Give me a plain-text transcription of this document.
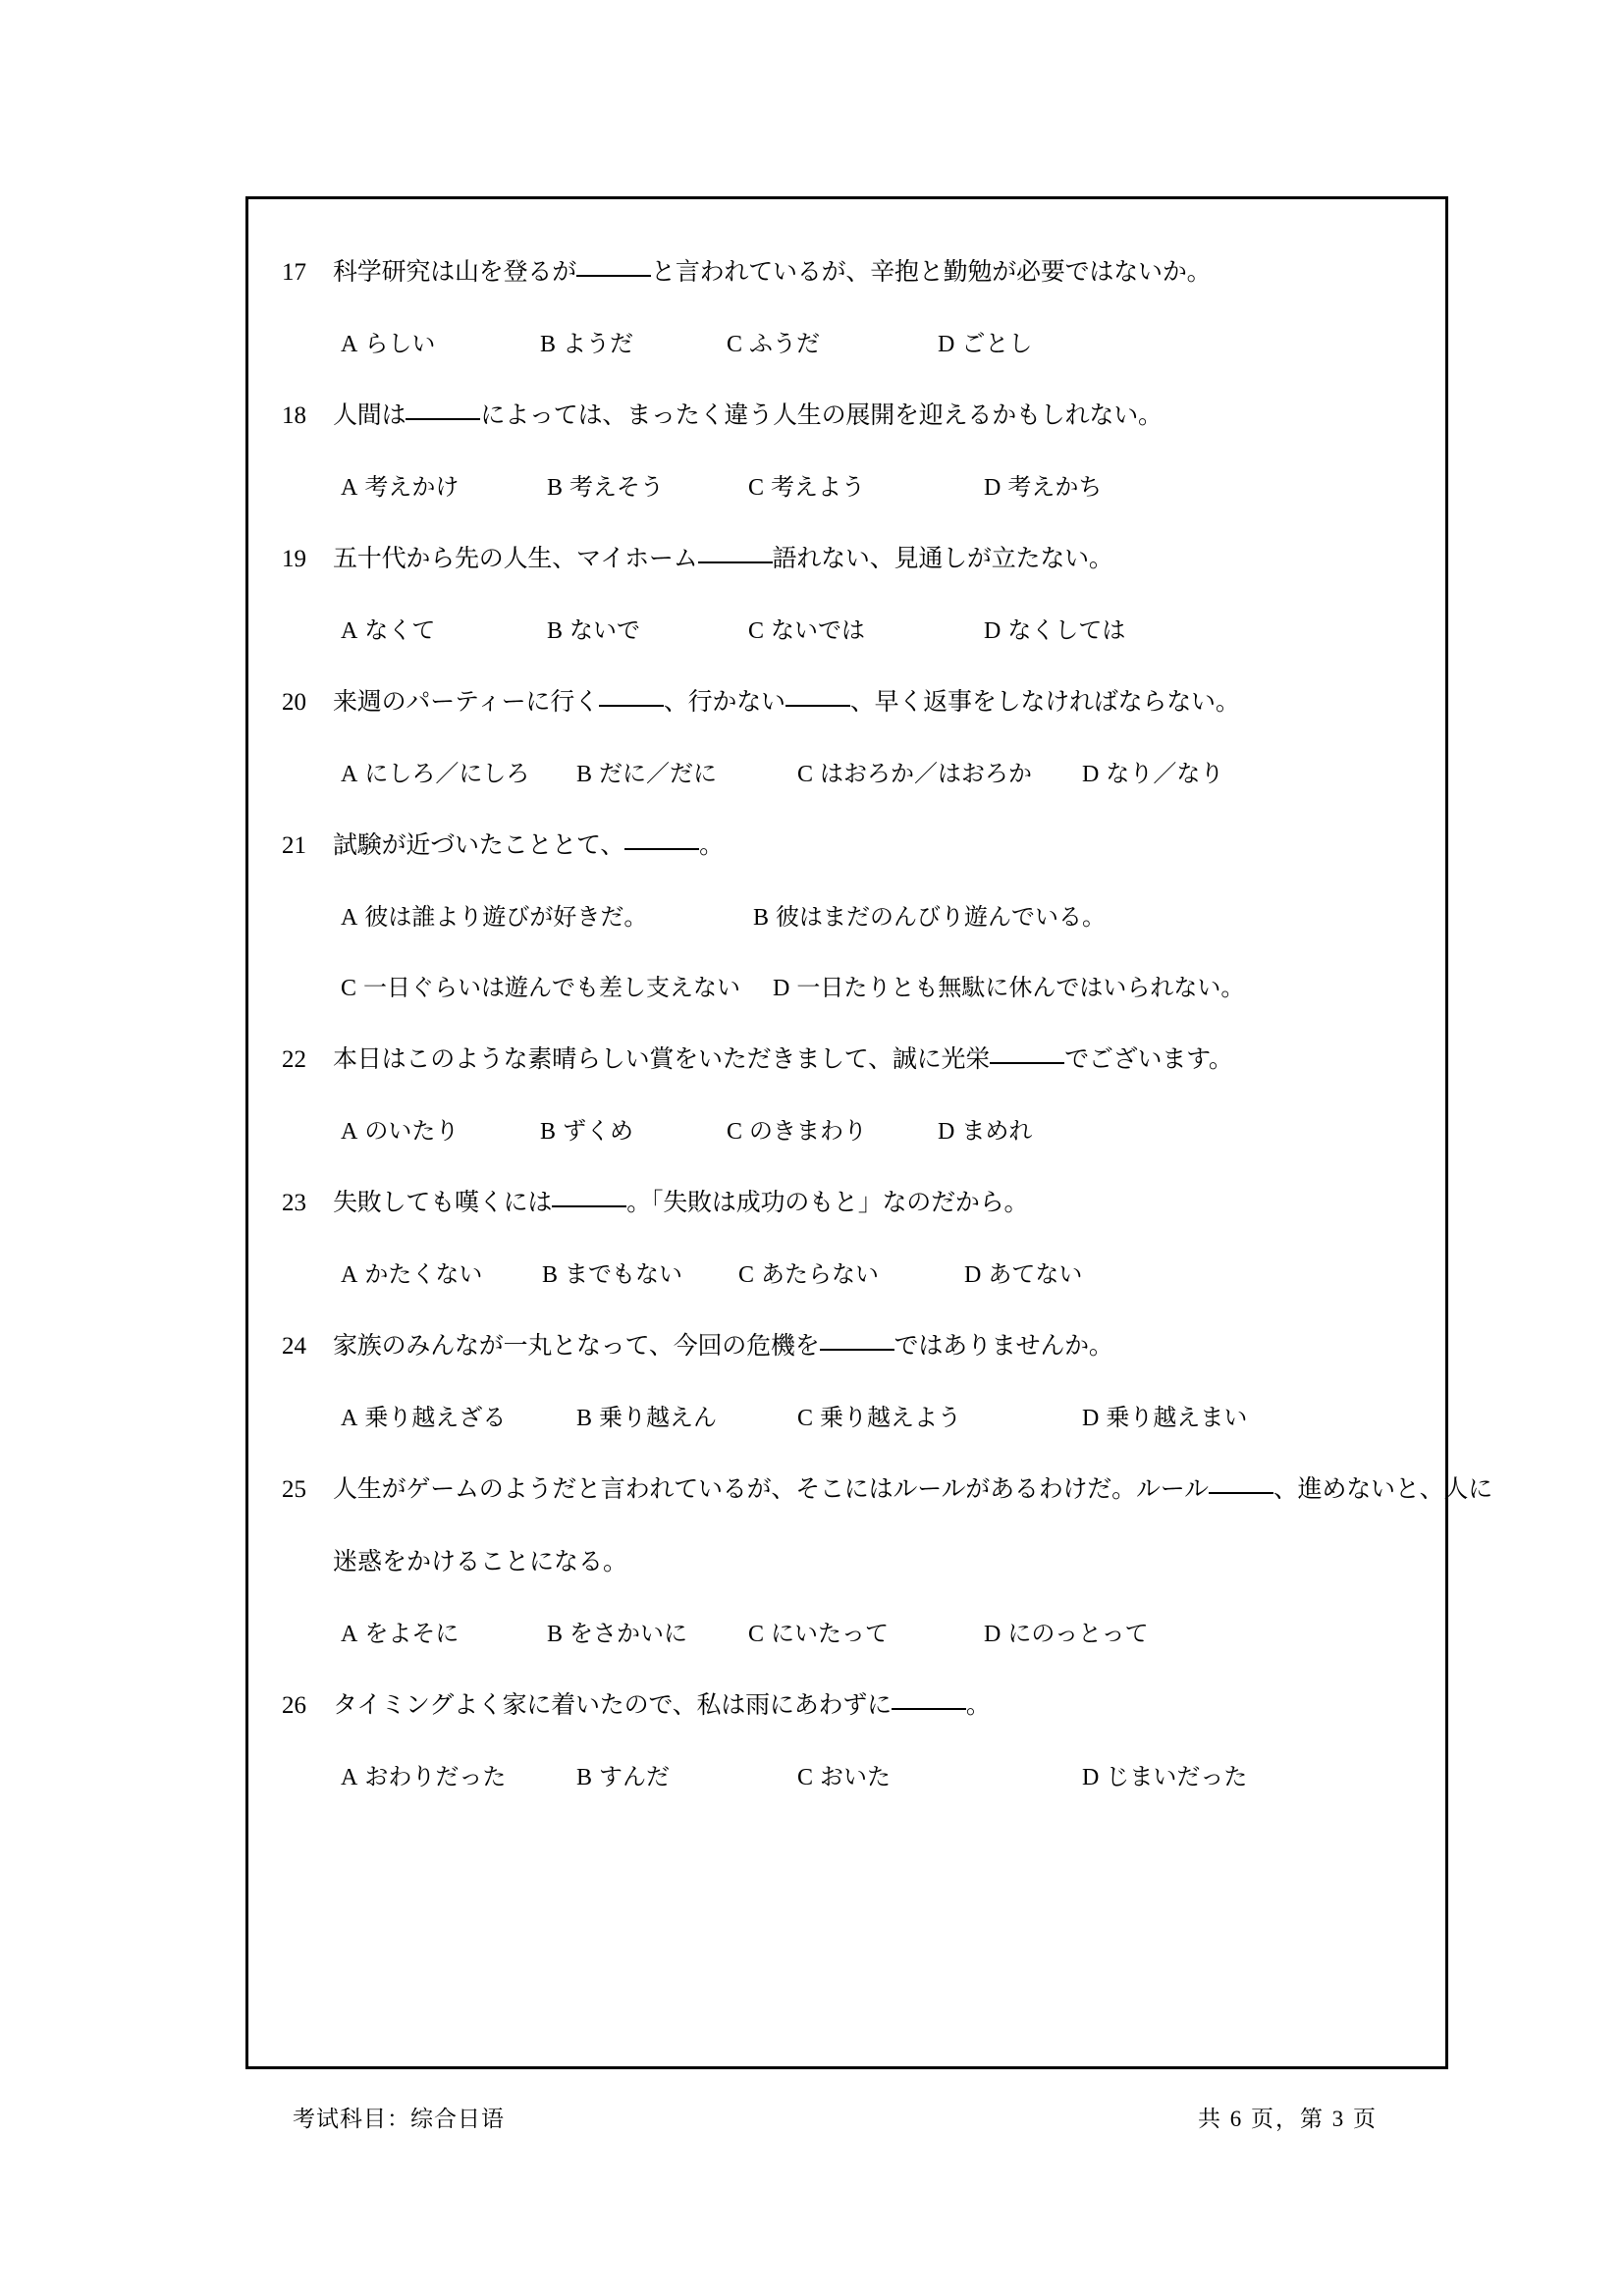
17	科学研究は山を登るが	と言われているが、辛抱と勤勉が必要ではないか。
A らしい	B ようだ	C ふうだ	D ごとし
18	人間は	によっては、まったく違う人生の展開を迎えるかもしれない。
A 考えかけ	B 考えそう	C 考えよう	D 考えかち
19	五十代から先の人生、マイホーム	語れない、見通しが立たない。
A なくて	B ないで	C ないでは	D なくしては
20	来週のパーティーに行く	、行かない	、早く返事をしなければならない。
A にしろ／にしろ	B だに／だに	C はおろか／はおろか	D なり／なり
21	試験が近づいたこととて、	。
A 彼は誰より遊びが好きだ。	B 彼はまだのんびり遊んでいる。
C 一日ぐらいは遊んでも差し支えない	D 一日たりとも無駄に休んではいられない。
22	本日はこのような素晴らしい賞をいただきまして、誠に光栄	でございます。
A のいたり	B ずくめ	C のきまわり	D まめれ
23	失敗しても嘆くには	。「失敗は成功のもと」なのだから。
A かたくない	B までもない	C あたらない	D あてない
24	家族のみんなが一丸となって、今回の危機を	ではありませんか。
A 乗り越えざる	B 乗り越えん	C 乗り越えよう	D 乗り越えまい
25	人生がゲームのようだと言われているが、そこにはルールがあるわけだ。ルール	、進めないと、人に
迷惑をかけることになる。
A をよそに	B をさかいに	C にいたって	D にのっとって
26	タイミングよく家に着いたので、私は雨にあわずに	。
A おわりだった	B すんだ	C おいた	D じまいだった
考试科目：综合日语	共 6 页，第 3 页
